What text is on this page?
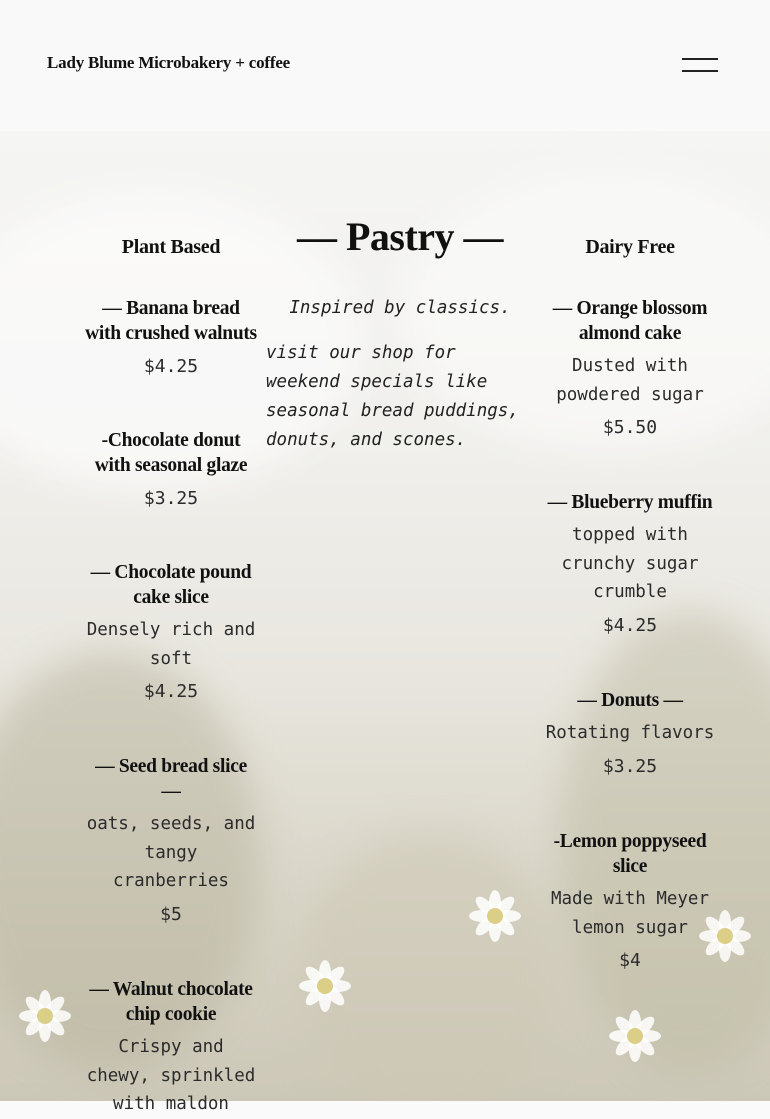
Lady Blume Microbakery + coffee
Plant Based
— Banana bread with crushed walnuts
$4.25
-Chocolate donut with seasonal glaze
$3.25
— Chocolate pound cake slice
Densely rich and soft
$4.25
— Seed bread slice —
oats, seeds, and tangy cranberries
$5
— Walnut chocolate chip cookie
Crispy and chewy, sprinkled with maldon
— Pastry —
Inspired by classics.
visit our shop for weekend specials like seasonal bread puddings, donuts, and scones.
Dairy Free
— Orange blossom almond cake
Dusted with powdered sugar
$5.50
— Blueberry muffin
topped with crunchy sugar crumble
$4.25
— Donuts —
Rotating flavors
$3.25
-Lemon poppyseed slice
Made with Meyer lemon sugar
$4
